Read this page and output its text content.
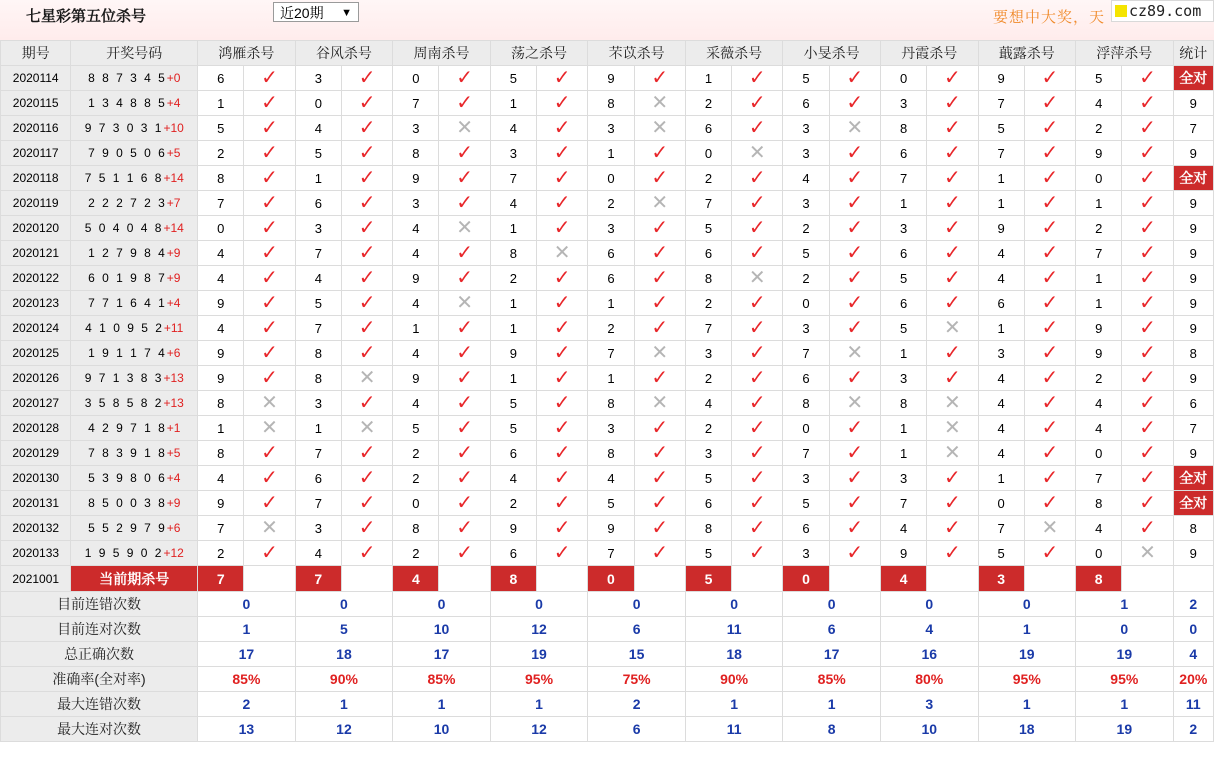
七星彩第五位杀号	近20期 ▼	要想中大奖，天	cz89.com
期号	开奖号码	鸿雁杀号		谷风杀号		周南杀号		荡之杀号		芣苡杀号		采薇杀号		小旻杀号		丹霞杀号		蕺露杀号		浮萍杀号		统计
2020114	8 8 7 3 4 5+0	6	✓	3	✓	0	✓	5	✓	9	✓	1	✓	5	✓	0	✓	9	✓	5	✓	全对
2020115	1 3 4 8 8 5+4	1	✓	0	✓	7	✓	1	✓	8	✕	2	✓	6	✓	3	✓	7	✓	4	✓	9
2020116	9 7 3 0 3 1+10	5	✓	4	✓	3	✕	4	✓	3	✕	6	✓	3	✕	8	✓	5	✓	2	✓	7
2020117	7 9 0 5 0 6+5	2	✓	5	✓	8	✓	3	✓	1	✓	0	✕	3	✓	6	✓	7	✓	9	✓	9
2020118	7 5 1 1 6 8+14	8	✓	1	✓	9	✓	7	✓	0	✓	2	✓	4	✓	7	✓	1	✓	0	✓	全对
2020119	2 2 2 7 2 3+7	7	✓	6	✓	3	✓	4	✓	2	✕	7	✓	3	✓	1	✓	1	✓	1	✓	9
2020120	5 0 4 0 4 8+14	0	✓	3	✓	4	✕	1	✓	3	✓	5	✓	2	✓	3	✓	9	✓	2	✓	9
2020121	1 2 7 9 8 4+9	4	✓	7	✓	4	✓	8	✕	6	✓	6	✓	5	✓	6	✓	4	✓	7	✓	9
2020122	6 0 1 9 8 7+9	4	✓	4	✓	9	✓	2	✓	6	✓	8	✕	2	✓	5	✓	4	✓	1	✓	9
2020123	7 7 1 6 4 1+4	9	✓	5	✓	4	✕	1	✓	1	✓	2	✓	0	✓	6	✓	6	✓	1	✓	9
2020124	4 1 0 9 5 2+11	4	✓	7	✓	1	✓	1	✓	2	✓	7	✓	3	✓	5	✕	1	✓	9	✓	9
2020125	1 9 1 1 7 4+6	9	✓	8	✓	4	✓	9	✓	7	✕	3	✓	7	✕	1	✓	3	✓	9	✓	8
2020126	9 7 1 3 8 3+13	9	✓	8	✕	9	✓	1	✓	1	✓	2	✓	6	✓	3	✓	4	✓	2	✓	9
2020127	3 5 8 5 8 2+13	8	✕	3	✓	4	✓	5	✓	8	✕	4	✓	8	✕	8	✕	4	✓	4	✓	6
2020128	4 2 9 7 1 8+1	1	✕	1	✕	5	✓	5	✓	3	✓	2	✓	0	✓	1	✕	4	✓	4	✓	7
2020129	7 8 3 9 1 8+5	8	✓	7	✓	2	✓	6	✓	8	✓	3	✓	7	✓	1	✕	4	✓	0	✓	9
2020130	5 3 9 8 0 6+4	4	✓	6	✓	2	✓	4	✓	4	✓	5	✓	3	✓	3	✓	1	✓	7	✓	全对
2020131	8 5 0 0 3 8+9	9	✓	7	✓	0	✓	2	✓	5	✓	6	✓	5	✓	7	✓	0	✓	8	✓	全对
2020132	5 5 2 9 7 9+6	7	✕	3	✓	8	✓	9	✓	9	✓	8	✓	6	✓	4	✓	7	✕	4	✓	8
2020133	1 9 5 9 0 2+12	2	✓	4	✓	2	✓	6	✓	7	✓	5	✓	3	✓	9	✓	5	✓	0	✕	9
2021001	当前期杀号	7		7		4		8		0		5		0		4		3		8		
目前连错次数		0		0		0		0		0		0		0		0		0		1		2
目前连对次数		1		5		10		12		6		11		6		4		1		0		0
总正确次数		17		18		17		19		15		18		17		16		19		19		4
准确率(全对率)		85%		90%		85%		95%		75%		90%		85%		80%		95%		95%		20%
最大连错次数		2		1		1		1		2		1		1		3		1		1		11
最大连对次数		13		12		10		12		6		11		8		10		18		19		2
